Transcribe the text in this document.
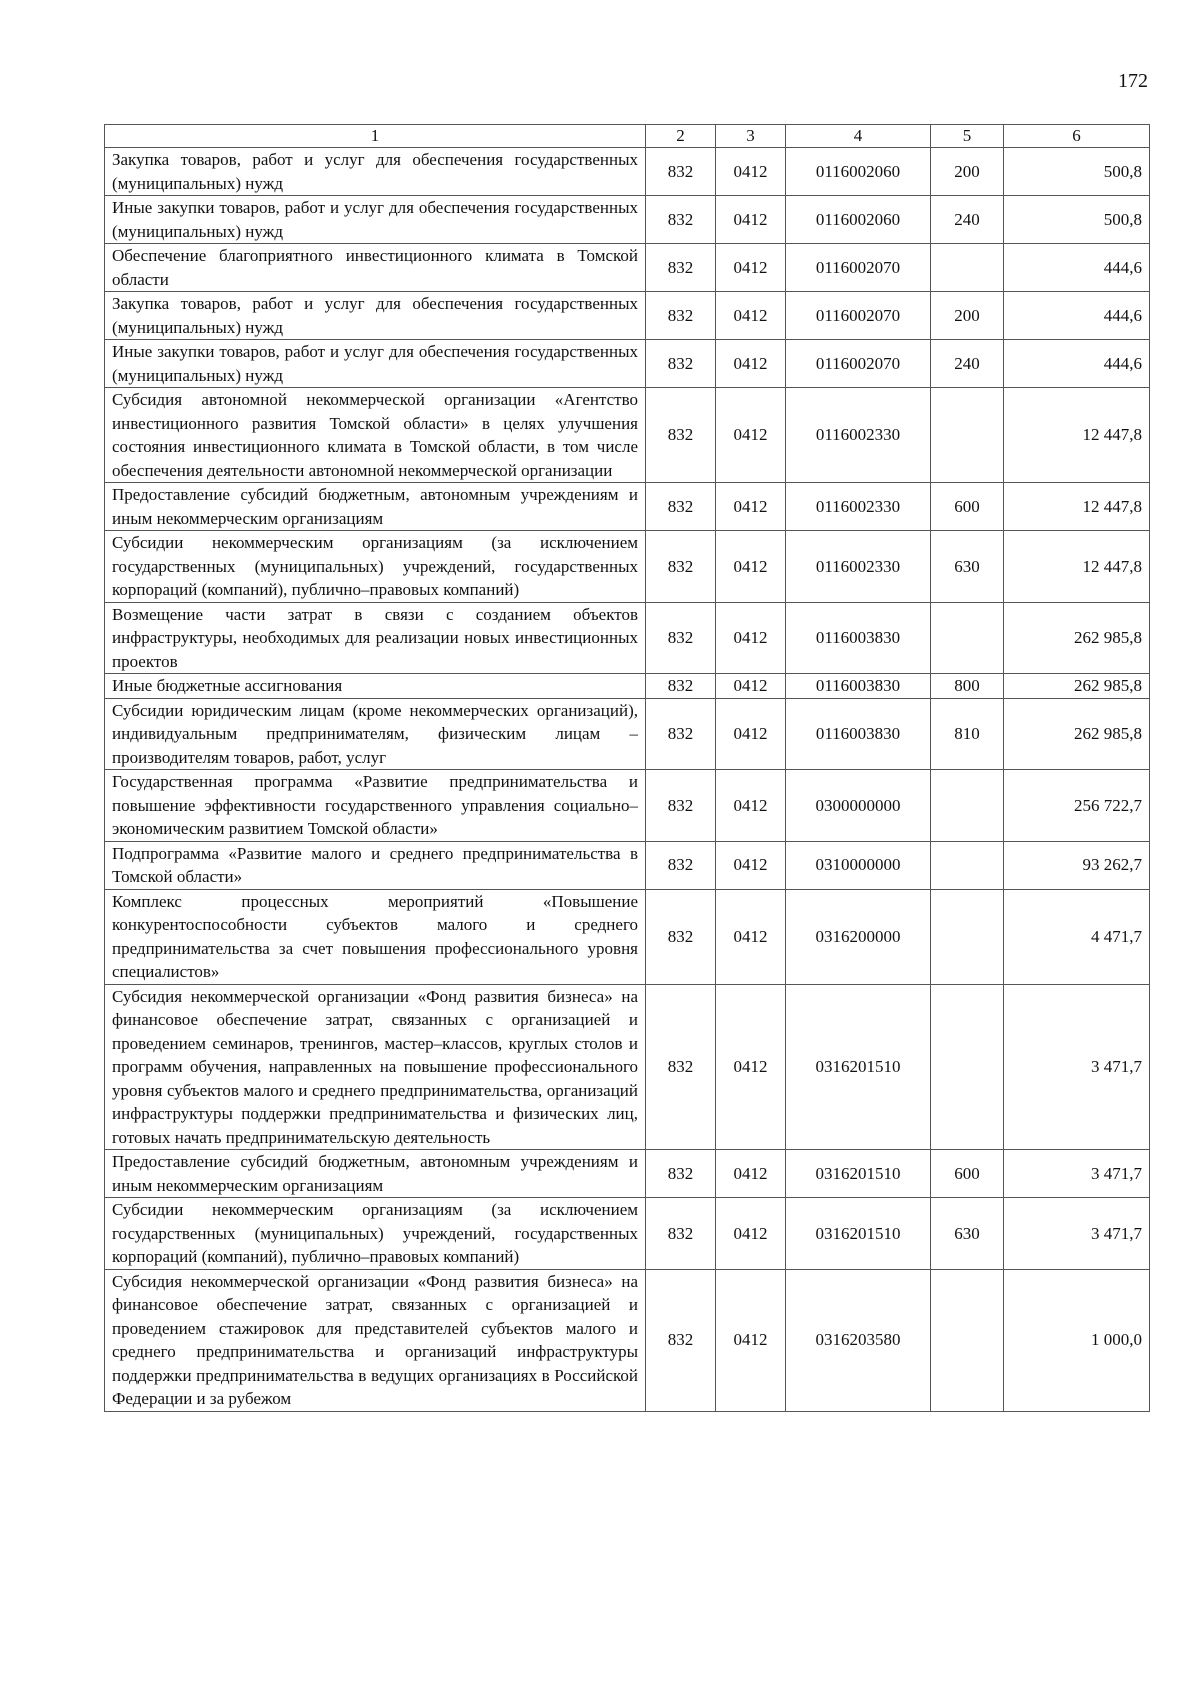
172
1	2	3	4	5	6
Закупка товаров, работ и услуг для обеспечения государственных (муниципальных) нужд	832	0412	0116002060	200	500,8
Иные закупки товаров, работ и услуг для обеспечения государственных (муниципальных) нужд	832	0412	0116002060	240	500,8
Обеспечение благоприятного инвестиционного климата в Томской области	832	0412	0116002070		444,6
Закупка товаров, работ и услуг для обеспечения государственных (муниципальных) нужд	832	0412	0116002070	200	444,6
Иные закупки товаров, работ и услуг для обеспечения государственных (муниципальных) нужд	832	0412	0116002070	240	444,6
Субсидия автономной некоммерческой организации «Агентство инвестиционного развития Томской области» в целях улучшения состояния инвестиционного климата в Томской области, в том числе обеспечения деятельности автономной некоммерческой организации	832	0412	0116002330		12 447,8
Предоставление субсидий бюджетным, автономным учреждениям и иным некоммерческим организациям	832	0412	0116002330	600	12 447,8
Субсидии некоммерческим организациям (за исключением государственных (муниципальных) учреждений, государственных корпораций (компаний), публично–правовых компаний)	832	0412	0116002330	630	12 447,8
Возмещение части затрат в связи с созданием объектов инфраструктуры, необходимых для реализации новых инвестиционных проектов	832	0412	0116003830		262 985,8
Иные бюджетные ассигнования	832	0412	0116003830	800	262 985,8
Субсидии юридическим лицам (кроме некоммерческих организаций), индивидуальным предпринимателям, физическим лицам – производителям товаров, работ, услуг	832	0412	0116003830	810	262 985,8
Государственная программа «Развитие предпринимательства и повышение эффективности государственного управления социально–экономическим развитием Томской области»	832	0412	0300000000		256 722,7
Подпрограмма «Развитие малого и среднего предпринимательства в Томской области»	832	0412	0310000000		93 262,7
Комплекс процессных мероприятий «Повышение конкурентоспособности субъектов малого и среднего предпринимательства за счет повышения профессионального уровня специалистов»	832	0412	0316200000		4 471,7
Субсидия некоммерческой организации «Фонд развития бизнеса» на финансовое обеспечение затрат, связанных с организацией и проведением семинаров, тренингов, мастер–классов, круглых столов и программ обучения, направленных на повышение профессионального уровня субъектов малого и среднего предпринимательства, организаций инфраструктуры поддержки предпринимательства и физических лиц, готовых начать предпринимательскую деятельность	832	0412	0316201510		3 471,7
Предоставление субсидий бюджетным, автономным учреждениям и иным некоммерческим организациям	832	0412	0316201510	600	3 471,7
Субсидии некоммерческим организациям (за исключением государственных (муниципальных) учреждений, государственных корпораций (компаний), публично–правовых компаний)	832	0412	0316201510	630	3 471,7
Субсидия некоммерческой организации «Фонд развития бизнеса» на финансовое обеспечение затрат, связанных с организацией и проведением стажировок для представителей субъектов малого и среднего предпринимательства и организаций инфраструктуры поддержки предпринимательства в ведущих организациях в Российской Федерации и за рубежом	832	0412	0316203580		1 000,0
